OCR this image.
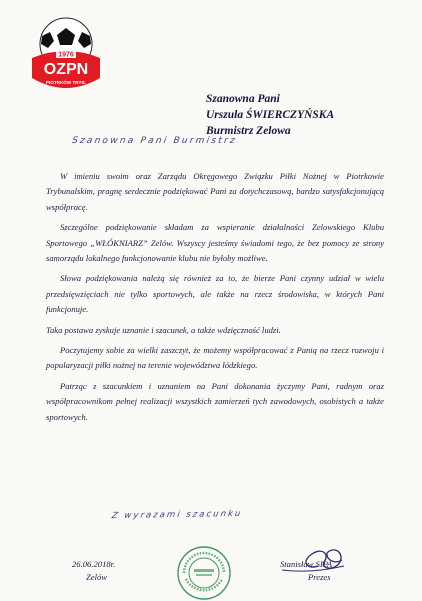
1976
OZPN
PIOTRKÓW TRYB.
Szanowna Pani
Urszula ŚWIERCZYŃSKA
Burmistrz Zelowa
Szanowna Pani Burmistrz

W imieniu swoim oraz Zarządu Okręgowego Związku Piłki Nożnej w Piotrkowie Trybunalskim, pragnę serdecznie podziękować Pani za dotychczasową, bardzo satysfakcjonującą współpracę.

Szczególne podziękowanie składam za wspieranie działalności Zelowskiego Klubu Sportowego „WŁÓKNIARZ” Zelów. Wszyscy jesteśmy świadomi tego, że bez pomocy ze strony samorządu lokalnego funkcjonowanie klubu nie byłoby możliwe.

Słowa podziękowania należą się również za to, że bierze Pani czynny udział w wielu przedsięwzięciach nie tylko sportowych, ale także na rzecz środowiska, w których Pani funkcjonuje.

Taka postawa zyskuje uznanie i szacunek, a także wdzięczność ludzi.

Poczytujemy sobie za wielki zaszczyt, że możemy współpracować z Panią na rzecz rozwoju i popularyzacji piłki nożnej na terenie województwa łódzkiego.

Patrząc z szacunkiem i uznaniem na Pani dokonania życzymy Pani, radnym oraz współpracownikom pełnej realizacji wszystkich zamierzeń tych zawodowych, osobistych a także sportowych.

Z wyrazami szacunku
26.06.2018r.
Zelów
Stanisław SIPA
Prezes
